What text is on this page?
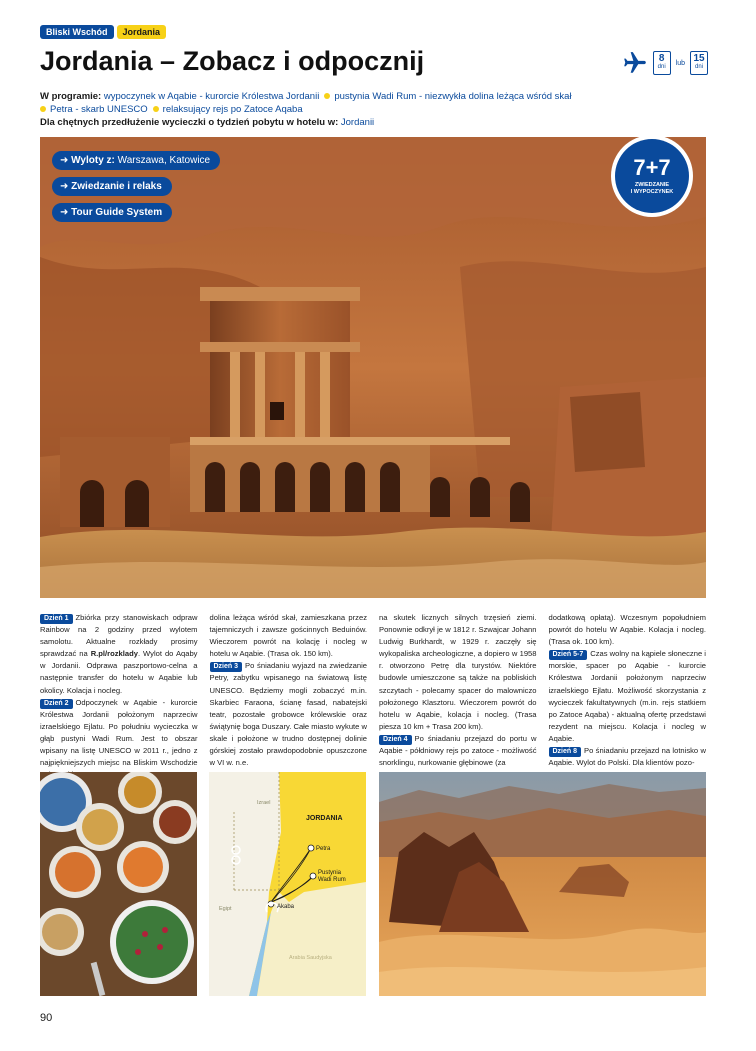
Bliski Wschód	Jordania
Jordania – Zobacz i odpocznij	8
dni
lub 15
dni
W programie: wypoczynek w Aqabie - kurorcie Królestwa Jordanii pustynia Wadi Rum - niezwykła dolina leżąca wśród skał
Petra - skarb UNESCO relaksujący rejs po Zatoce Aqaba
Dla chętnych przedłużenie wycieczki o tydzień pobytu w hotelu w: Jordanii
➜ Wyloty z: Warszawa, Katowice
➜ Zwiedzanie i relaks
➜ Tour Guide System
7+7
ZWIEDZANIE
I WYPOCZYNEK
Dzień 1 Zbiórka przy stanowiskach odpraw Rainbow na 2 godziny przed wylotem samolotu. Aktualne rozkłady prosimy sprawdzać na R.pl/rozklady. Wylot do Aqaby w Jordanii. Odprawa paszportowo-celna a następnie transfer do hotelu w Aqabie lub okolicy. Kolacja i nocleg.
Dzień 2 Odpoczynek w Aqabie - kurorcie Królestwa Jordanii położonym naprzeciw izraelskiego Ejlatu. Po południu wycieczka w głąb pustyni Wadi Rum. Jest to obszar wpisany na listę UNESCO w 2011 r., jedno z najpiękniejszych miejsc na Bliskim Wschodzie
dolina leżąca wśród skał, zamieszkana przez tajemniczych i zawsze gościnnych Beduinów. Wieczorem powrót na kolację i nocleg w hotelu w Aqabie. (Trasa ok. 150 km).
Dzień 3 Po śniadaniu wyjazd na zwiedzanie Petry, zabytku wpisanego na światową listę UNESCO. Będziemy mogli zobaczyć m.in. Skarbiec Faraona, ścianę fasad, nabatejski teatr, pozostałe grobowce królewskie oraz świątynię boga Duszary. Całe miasto wykute w skale i położone w trudno dostępnej dolinie górskiej zostało prawdopodobnie opuszczone w VI w. n.e.
na skutek licznych silnych trzęsień ziemi. Ponownie odkrył je w 1812 r. Szwajcar Johann Ludwig Burkhardt, w 1929 r. zaczęły się wykopaliska archeologiczne, a dopiero w 1958 r. otworzono Petrę dla turystów. Niektóre budowle umieszczone są także na pobliskich szczytach - polecamy spacer do malowniczo położonego Klasztoru. Wieczorem powrót do hotelu w Aqabie, kolacja i nocleg. (Trasa piesza 10 km + Trasa 200 km).
Dzień 4 Po śniadaniu przejazd do portu w Aqabie - półdniowy rejs po zatoce - możliwość snorklingu, nurkowanie głębinowe (za
dodatkową opłatą). Wczesnym popołudniem powrót do hotelu W Aqabie. Kolacja i nocleg. (Trasa ok. 100 km).
Dzień 5-7 Czas wolny na kąpiele słoneczne i morskie, spacer po Aqabie - kurorcie Królestwa Jordanii położonym naprzeciw izraelskiego Ejlatu. Możliwość skorzystania z wycieczek fakultatywnych (m.in. rejs statkiem po Zatoce Aqaba) - aktualną ofertę przedstawi rezydent na miejscu. Kolacja i nocleg w Aqabie.
Dzień 8 Po śniadaniu przejazd na lotnisko w Aqabie. Wylot do Polski. Dla klientów pozo-
JORDANIA
Izrael
Egipt
Arabia Saudyjska
Petra
Pustynia
Wadi Rum
Akaba
90
